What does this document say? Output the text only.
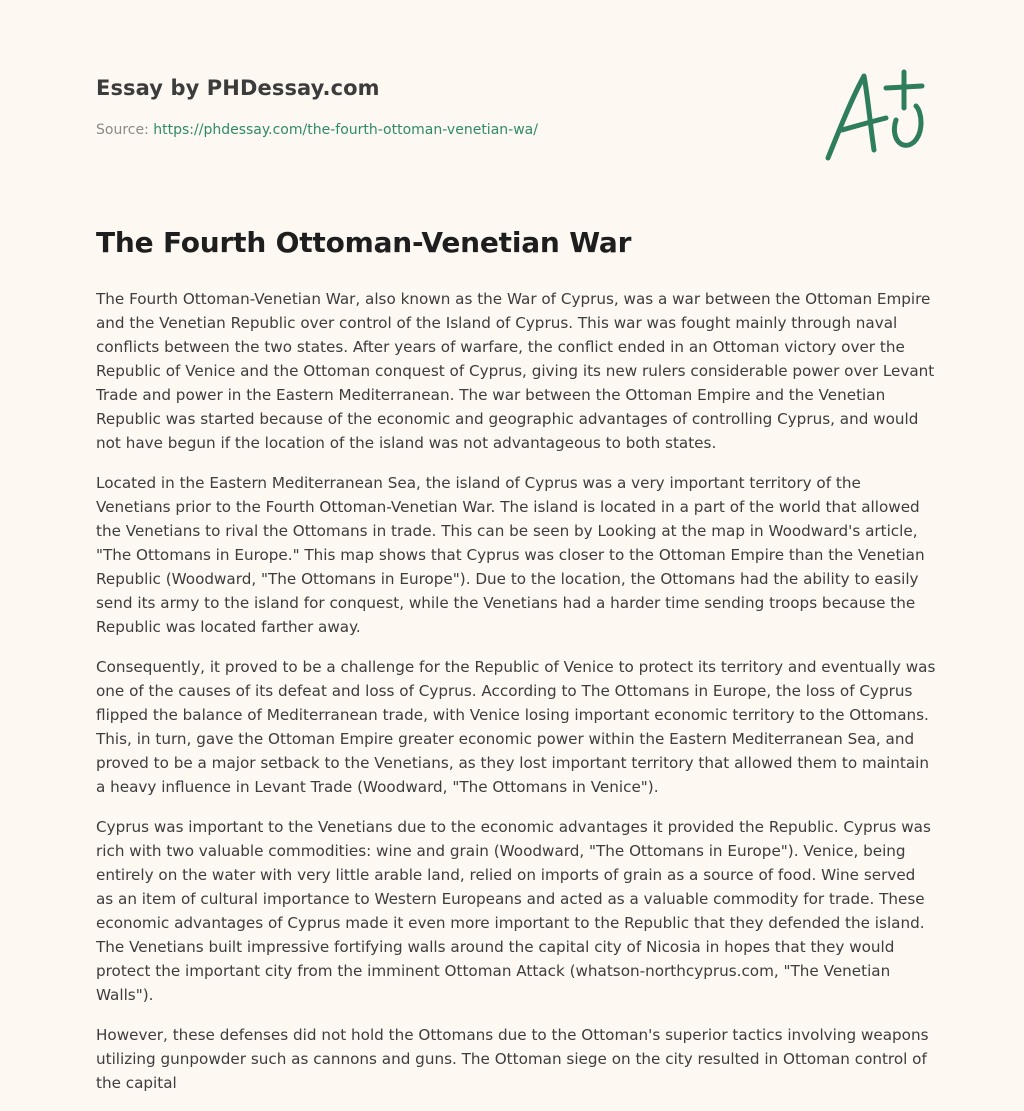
Essay by PHDessay.com
Source: https://phdessay.com/the-fourth-ottoman-venetian-wa/
The Fourth Ottoman-Venetian War

The Fourth Ottoman-Venetian War, also known as the War of Cyprus, was a war between the Ottoman Empire and the Venetian Republic over control of the Island of Cyprus. This war was fought mainly through naval conflicts between the two states. After years of warfare, the conflict ended in an Ottoman victory over the Republic of Venice and the Ottoman conquest of Cyprus, giving its new rulers considerable power over Levant Trade and power in the Eastern Mediterranean. The war between the Ottoman Empire and the Venetian Republic was started because of the economic and geographic advantages of controlling Cyprus, and would not have begun if the location of the island was not advantageous to both states.

Located in the Eastern Mediterranean Sea, the island of Cyprus was a very important territory of the Venetians prior to the Fourth Ottoman-Venetian War. The island is located in a part of the world that allowed the Venetians to rival the Ottomans in trade. This can be seen by Looking at the map in Woodward's article, "The Ottomans in Europe." This map shows that Cyprus was closer to the Ottoman Empire than the Venetian Republic (Woodward, "The Ottomans in Europe"). Due to the location, the Ottomans had the ability to easily send its army to the island for conquest, while the Venetians had a harder time sending troops because the Republic was located farther away.

Consequently, it proved to be a challenge for the Republic of Venice to protect its territory and eventually was one of the causes of its defeat and loss of Cyprus. According to The Ottomans in Europe, the loss of Cyprus flipped the balance of Mediterranean trade, with Venice losing important economic territory to the Ottomans. This, in turn, gave the Ottoman Empire greater economic power within the Eastern Mediterranean Sea, and proved to be a major setback to the Venetians, as they lost important territory that allowed them to maintain a heavy influence in Levant Trade (Woodward, "The Ottomans in Venice").

Cyprus was important to the Venetians due to the economic advantages it provided the Republic. Cyprus was rich with two valuable commodities: wine and grain (Woodward, "The Ottomans in Europe"). Venice, being entirely on the water with very little arable land, relied on imports of grain as a source of food. Wine served as an item of cultural importance to Western Europeans and acted as a valuable commodity for trade. These economic advantages of Cyprus made it even more important to the Republic that they defended the island. The Venetians built impressive fortifying walls around the capital city of Nicosia in hopes that they would protect the important city from the imminent Ottoman Attack (whatson-northcyprus.com, "The Venetian Walls").

However, these defenses did not hold the Ottomans due to the Ottoman's superior tactics involving weapons utilizing gunpowder such as cannons and guns. The Ottoman siege on the city resulted in Ottoman control of the capital
